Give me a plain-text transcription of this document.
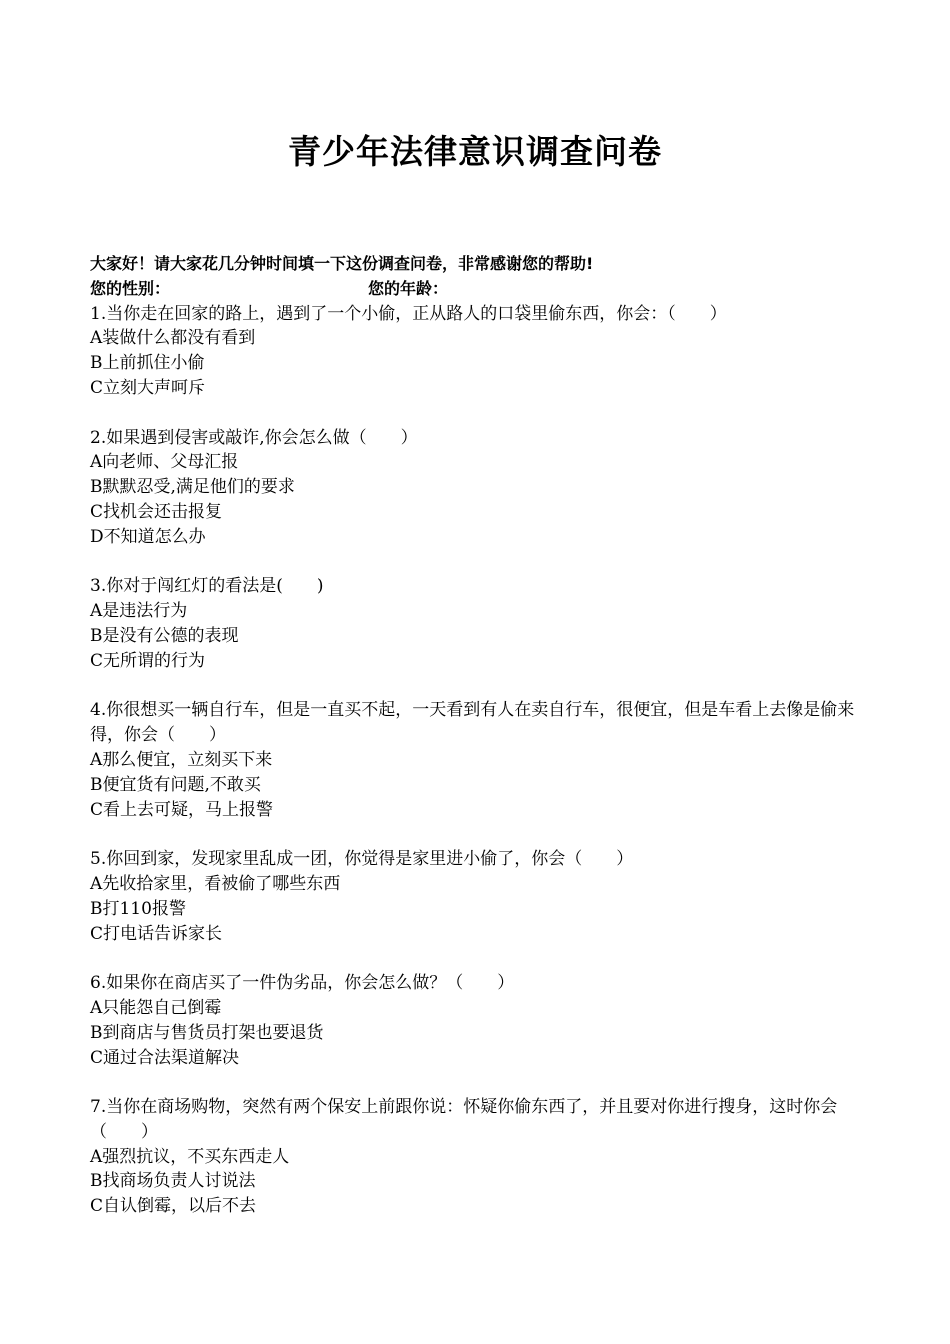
青少年法律意识调查问卷
大家好！请大家花几分钟时间填一下这份调查问卷，非常感谢您的帮助!
您的性别：	您的年龄：
1.当你走在回家的路上，遇到了一个小偷，正从路人的口袋里偷东西，你会：（　　）
A装做什么都没有看到
B上前抓住小偷
C立刻大声呵斥
2.如果遇到侵害或敲诈,你会怎么做（　　）
A向老师、父母汇报
B默默忍受,满足他们的要求
C找机会还击报复
D不知道怎么办
3.你对于闯红灯的看法是(　　)
A是违法行为
B是没有公德的表现
C无所谓的行为
4.你很想买一辆自行车，但是一直买不起，一天看到有人在卖自行车，很便宜，但是车看上去像是偷来得，你会（　　）
A那么便宜，立刻买下来
B便宜货有问题,不敢买
C看上去可疑，马上报警
5.你回到家，发现家里乱成一团，你觉得是家里进小偷了，你会（　　）
A先收拾家里，看被偷了哪些东西
B打110报警
C打电话告诉家长
6.如果你在商店买了一件伪劣品，你会怎么做？（　　）
A只能怨自己倒霉
B到商店与售货员打架也要退货
C通过合法渠道解决
7.当你在商场购物，突然有两个保安上前跟你说：怀疑你偷东西了，并且要对你进行搜身，这时你会（　　）
A强烈抗议，不买东西走人
B找商场负责人讨说法
C自认倒霉，以后不去
